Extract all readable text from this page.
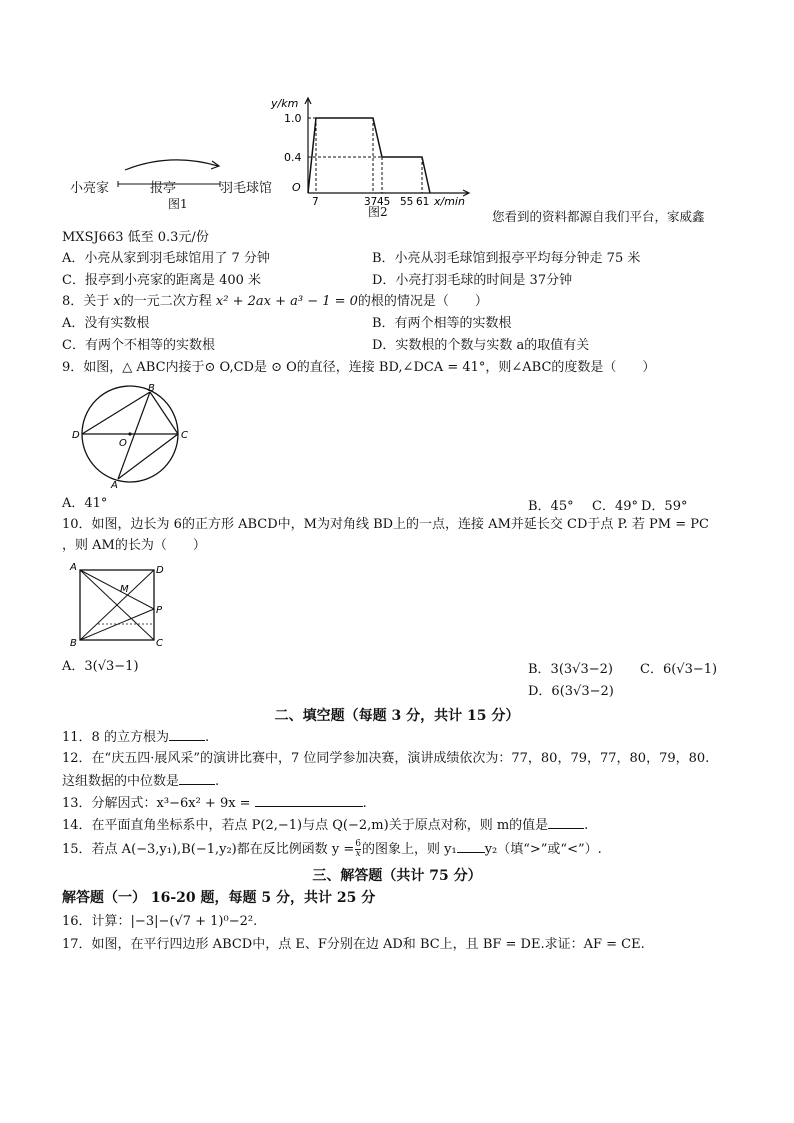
小亮家	报亭	羽毛球馆
图1
y/km
1.0
0.4
O
7	37 45 55 61 x/min
图2	您看到的资料都源自我们平台，家威鑫
MXSJ663 低至 0.3元/份
A．小亮从家到羽毛球馆用了 7 分钟	B．小亮从羽毛球馆到报亭平均每分钟走 75 米
C．报亭到小亮家的距离是 400 米	D．小亮打羽毛球的时间是 37分钟
8．关于 x的一元二次方程 x² + 2ax + a³ − 1 = 0的根的情况是（　　）
A．没有实数根	B．有两个相等的实数根
C．有两个不相等的实数根	D．实数根的个数与实数 a的取值有关
9．如图，△ ABC内接于⊙ O,CD是 ⊙ O的直径，连接 BD,∠DCA = 41°，则∠ABC的度数是（　　）
B
D
O
C
A
A．41°	B．45° C．49° D．59°
10．如图，边长为 6的正方形 ABCD中，M为对角线 BD上的一点，连接 AM并延长交 CD于点 P. 若 PM = PC
，则 AM的长为（　　）
A	D
M
P
B	C
A．3(√3−1)	B．3(3√3−2) C．6(√3−1)
D．6(3√3−2)
二、填空题（每题 3 分，共计 15 分）
11．8 的立方根为	.
12．在“庆五四·展风采”的演讲比赛中，7 位同学参加决赛，演讲成绩依次为：77，80，79，77，80，79，80.
这组数据的中位数是	.
13．分解因式：x³−6x² + 9x =	.
14．在平面直角坐标系中，若点 P(2,−1)与点 Q(−2,m)关于原点对称，则 m的值是	.
15．若点 A(−3,y₁),B(−1,y₂)都在反比例函数 $y = \frac{6}{x}$ 的图象上，则 y₁ y₂（填“>”或“<”）.
三、解答题（共计 75 分）
解答题（一） 16-20 题，每题 5 分，共计 25 分
16．计算：|−3|−(√7 + 1)⁰−2².
17．如图，在平行四边形 ABCD中，点 E、F分别在边 AD和 BC上，且 BF = DE.求证：AF = CE.
